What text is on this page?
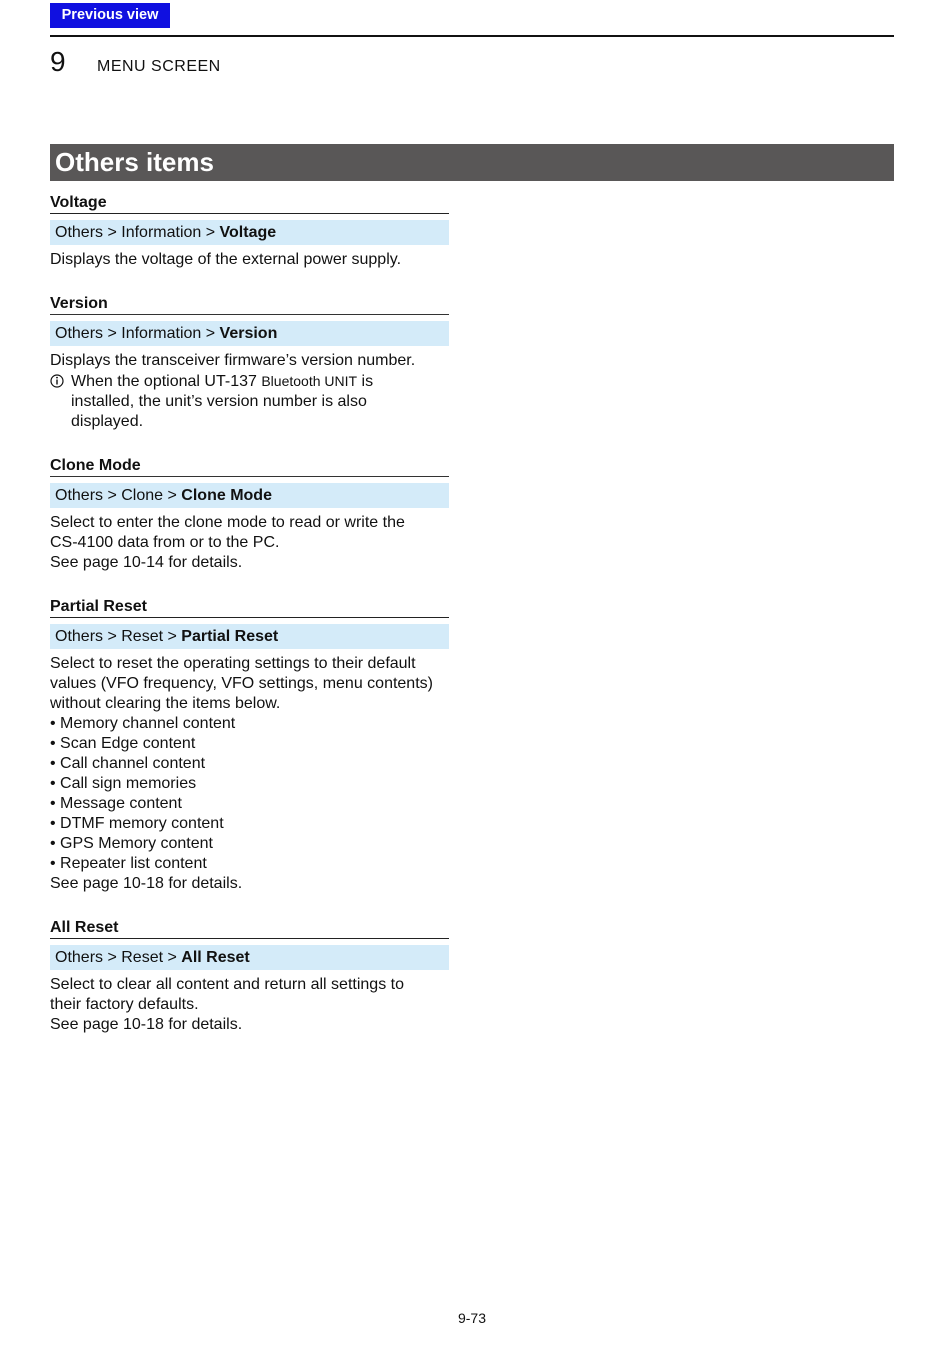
Previous view
9 MENU SCREEN
Others items
Voltage
Others > Information > Voltage

Displays the voltage of the external power supply.

Version
Others > Information > Version

Displays the transceiver firmware’s version number.

When the optional UT-137 Bluetooth UNIT is
installed, the unit’s version number is also
displayed.
Clone Mode
Others > Clone > Clone Mode

Select to enter the clone mode to read or write the

CS-4100 data from or to the PC.

See page 10-14 for details.

Partial Reset
Others > Reset > Partial Reset

Select to reset the operating settings to their default

values (VFO frequency, VFO settings, menu contents)

without clearing the items below.

• Memory channel content
• Scan Edge content
• Call channel content
• Call sign memories
• Message content
• DTMF memory content
• GPS Memory content
• Repeater list content

See page 10-18 for details.

All Reset
Others > Reset > All Reset

Select to clear all content and return all settings to

their factory defaults.

See page 10-18 for details.

9-73
